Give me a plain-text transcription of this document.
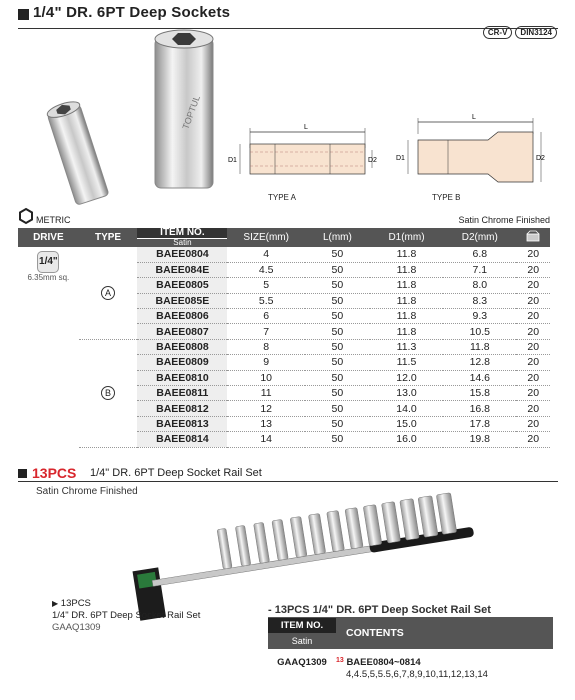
1/4" DR. 6PT Deep Sockets
CR-V	DIN3124
TOPTUL	L
D1	D2
TYPE A
L
D1	D2
TYPE B
METRIC	Satin Chrome Finished
DRIVE	TYPE	ITEM NO.
Satin	SIZE(mm)	L(mm)	D1(mm)	D2(mm)	

1/4"
6.35mm sq.	A	BAEE0804	4	50	11.8	6.8	20
		BAEE084E	4.5	50	11.8	7.1	20
		BAEE0805	5	50	11.8	8.0	20
		BAEE085E	5.5	50	11.8	8.3	20
		BAEE0806	6	50	11.8	9.3	20
		BAEE0807	7	50	11.8	10.5	20
	B	BAEE0808	8	50	11.3	11.8	20
		BAEE0809	9	50	11.5	12.8	20
		BAEE0810	10	50	12.0	14.6	20
		BAEE0811	11	50	13.0	15.8	20
		BAEE0812	12	50	14.0	16.8	20
		BAEE0813	13	50	15.0	17.8	20
		BAEE0814	14	50	16.0	19.8	20
13PCS 1/4" DR. 6PT Deep Socket Rail Set
Satin Chrome Finished
▶ 13PCS
1/4" DR. 6PT Deep Socket Rail Set
GAAQ1309
- 13PCS 1/4" DR. 6PT Deep Socket Rail Set
ITEM NO.
Satin	CONTENTS
GAAQ1309	$^{13}$ BAEE0804~0814
4,4.5,5,5.5,6,7,8,9,10,11,12,13,14
